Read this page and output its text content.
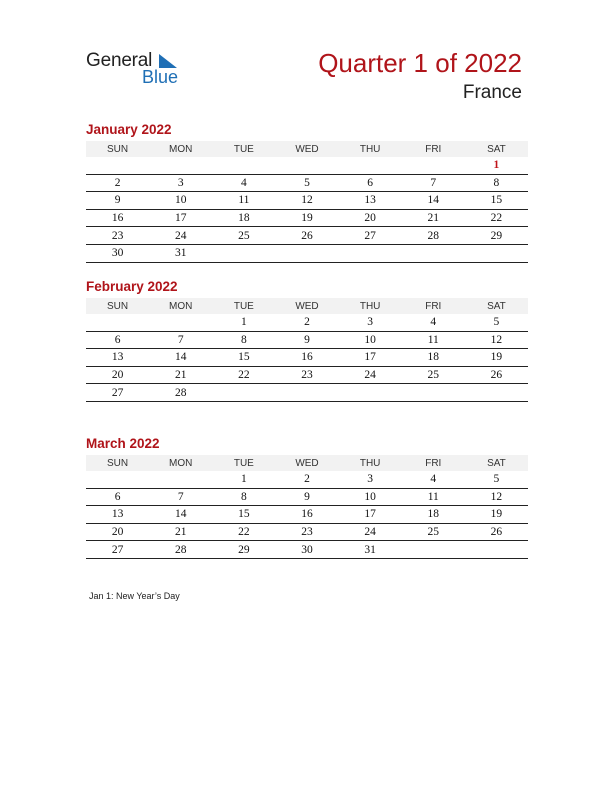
General
Blue	Quarter 1 of 2022
France
January 2022
SUN	MON	TUE	WED	THU	FRI	SAT
						1
2	3	4	5	6	7	8
9	10	11	12	13	14	15
16	17	18	19	20	21	22
23	24	25	26	27	28	29
30	31					
February 2022
SUN	MON	TUE	WED	THU	FRI	SAT
		1	2	3	4	5
6	7	8	9	10	11	12
13	14	15	16	17	18	19
20	21	22	23	24	25	26
27	28					
March 2022
SUN	MON	TUE	WED	THU	FRI	SAT
		1	2	3	4	5
6	7	8	9	10	11	12
13	14	15	16	17	18	19
20	21	22	23	24	25	26
27	28	29	30	31		
Jan 1: New Year’s Day
